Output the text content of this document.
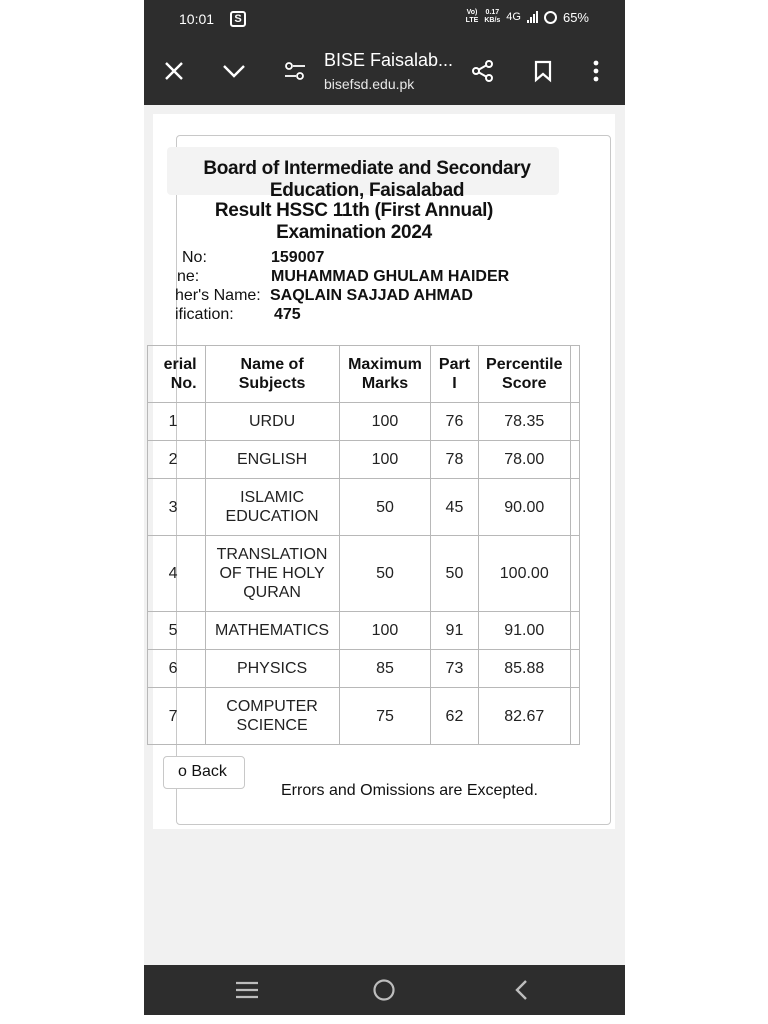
10:01	S
Vo)
LTE
0.17
KB/s 4G	65%
BISE Faisalab...
bisefsd.edu.pk
Board of Intermediate and Secondary Education, Faisalabad
Result HSSC 11th (First Annual) Examination 2024
No:	159007
ne:	MUHAMMAD GHULAM HAIDER
her's Name: SAQLAIN SAJJAD AHMAD
ification:	475
erial No.	Name of Subjects	Maximum Marks	Part I	Percentile Score	
1	URDU	100	76	78.35	
2	ENGLISH	100	78	78.00	
3	ISLAMIC EDUCATION	50	45	90.00	
4	TRANSLATION OF THE HOLY QURAN	50	50	100.00	
5	MATHEMATICS	100	91	91.00	
6	PHYSICS	85	73	85.88	
7	COMPUTER SCIENCE	75	62	82.67	
o Back
Errors and Omissions are Excepted.
